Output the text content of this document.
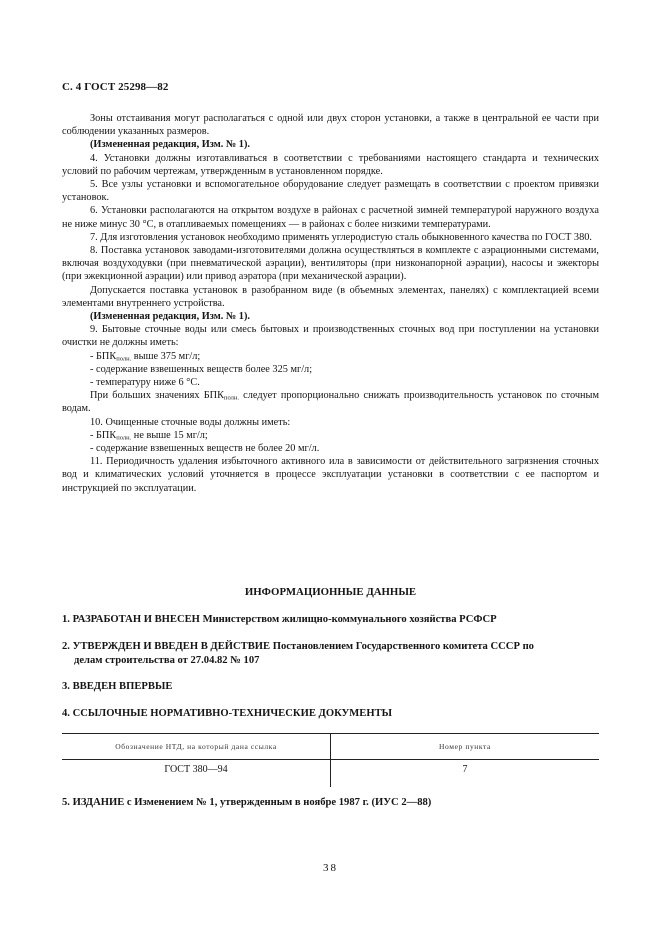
С. 4 ГОСТ 25298—82

Зоны отстаивания могут располагаться с одной или двух сторон установки, а также в центральной ее части при соблюдении указанных размеров.

(Измененная редакция, Изм. № 1).

4. Установки должны изготавливаться в соответствии с требованиями настоящего стандарта и технических условий по рабочим чертежам, утвержденным в установленном порядке.

5. Все узлы установки и вспомогательное оборудование следует размещать в соответствии с проектом привязки установок.

6. Установки располагаются на открытом воздухе в районах с расчетной зимней температурой наружного воздуха не ниже минус 30 °С, в отапливаемых помещениях — в районах с более низкими температурами.

7. Для изготовления установок необходимо применять углеродистую сталь обыкновенного качества по ГОСТ 380.

8. Поставка установок заводами-изготовителями должна осуществляться в комплекте с аэрационными системами, включая воздуходувки (при пневматической аэрации), вентиляторы (при низконапорной аэрации), насосы и эжекторы (при эжекционной аэрации) или привод аэратора (при механической аэрации).

Допускается поставка установок в разобранном виде (в объемных элементах, панелях) с комплектацией всеми элементами внутреннего устройства.

(Измененная редакция, Изм. № 1).

9. Бытовые сточные воды или смесь бытовых и производственных сточных вод при поступлении на установки очистки не должны иметь:

- $БПК_{полн.}$ выше 375 мг/л;

- содержание взвешенных веществ более 325 мг/л;

- температуру ниже 6 °С.

При больших значениях $БПК_{полн.}$ следует пропорционально снижать производительность установок по сточным водам.

10. Очищенные сточные воды должны иметь:

- $БПК_{полн.}$ не выше 15 мг/л;

- содержание взвешенных веществ не более 20 мг/л.

11. Периодичность удаления избыточного активного ила в зависимости от действительного загрязнения сточных вод и климатических условий уточняется в процессе эксплуатации установки в соответствии с ее паспортом и инструкцией по эксплуатации.

ИНФОРМАЦИОННЫЕ ДАННЫЕ
1. РАЗРАБОТАН И ВНЕСЕН Министерством жилищно-коммунального хозяйства РСФСР
2. УТВЕРЖДЕН И ВВЕДЕН В ДЕЙСТВИЕ Постановлением Государственного комитета СССР по
делам строительства от 27.04.82 № 107
3. ВВЕДЕН ВПЕРВЫЕ
4. ССЫЛОЧНЫЕ НОРМАТИВНО-ТЕХНИЧЕСКИЕ ДОКУМЕНТЫ
Обозначение НТД, на который дана ссылка	Номер пункта
ГОСТ 380—94	7
5. ИЗДАНИЕ с Изменением № 1, утвержденным в ноябре 1987 г. (ИУС 2—88)
38
